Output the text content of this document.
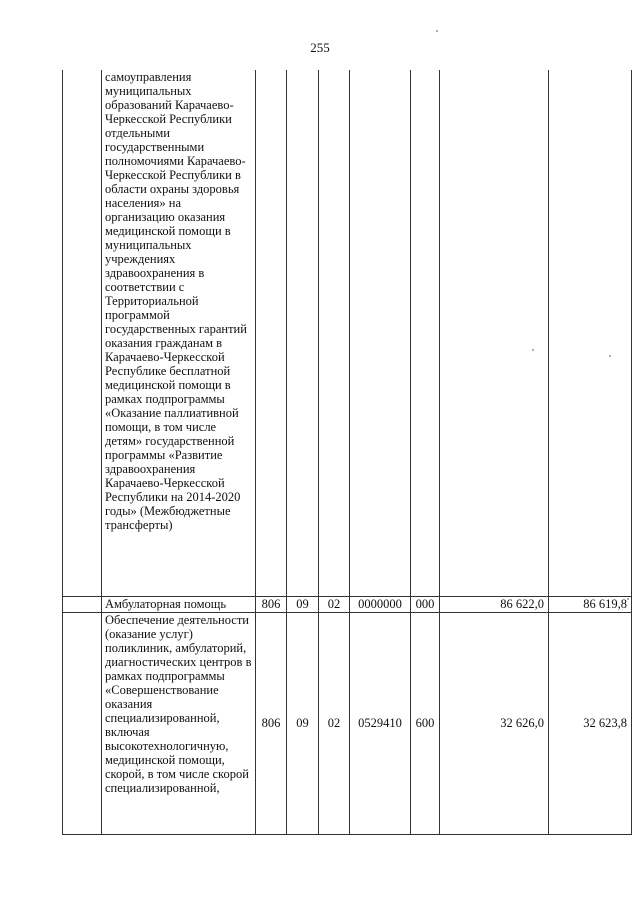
255
	самоуправления муниципальных образований Карачаево-Черкесской Республики отдельными государственными полномочиями Карачаево-Черкесской Республики в области охраны здоровья населения» на организацию оказания медицинской помощи в муниципальных учреждениях здравоохранения в соответствии с Территориальной программой государственных гарантий оказания гражданам в Карачаево-Черкесской Республике бесплатной медицинской помощи в рамках подпрограммы «Оказание паллиативной помощи, в том числе детям» государственной программы «Развитие здравоохранения Карачаево-Черкесской Республики на 2014-2020 годы» (Межбюджетные трансферты)							
	Амбулаторная помощь	806	09	02	0000000	000	86 622,0	86 619,8
	Обеспечение деятельности (оказание услуг) поликлиник, амбулаторий, диагностических центров в рамках подпрограммы «Совершенствование оказания специализированной, включая высокотехнологичную, медицинской помощи, скорой, в том числе скорой специализированной,	806	09	02	0529410	600	32 626,0	32 623,8
